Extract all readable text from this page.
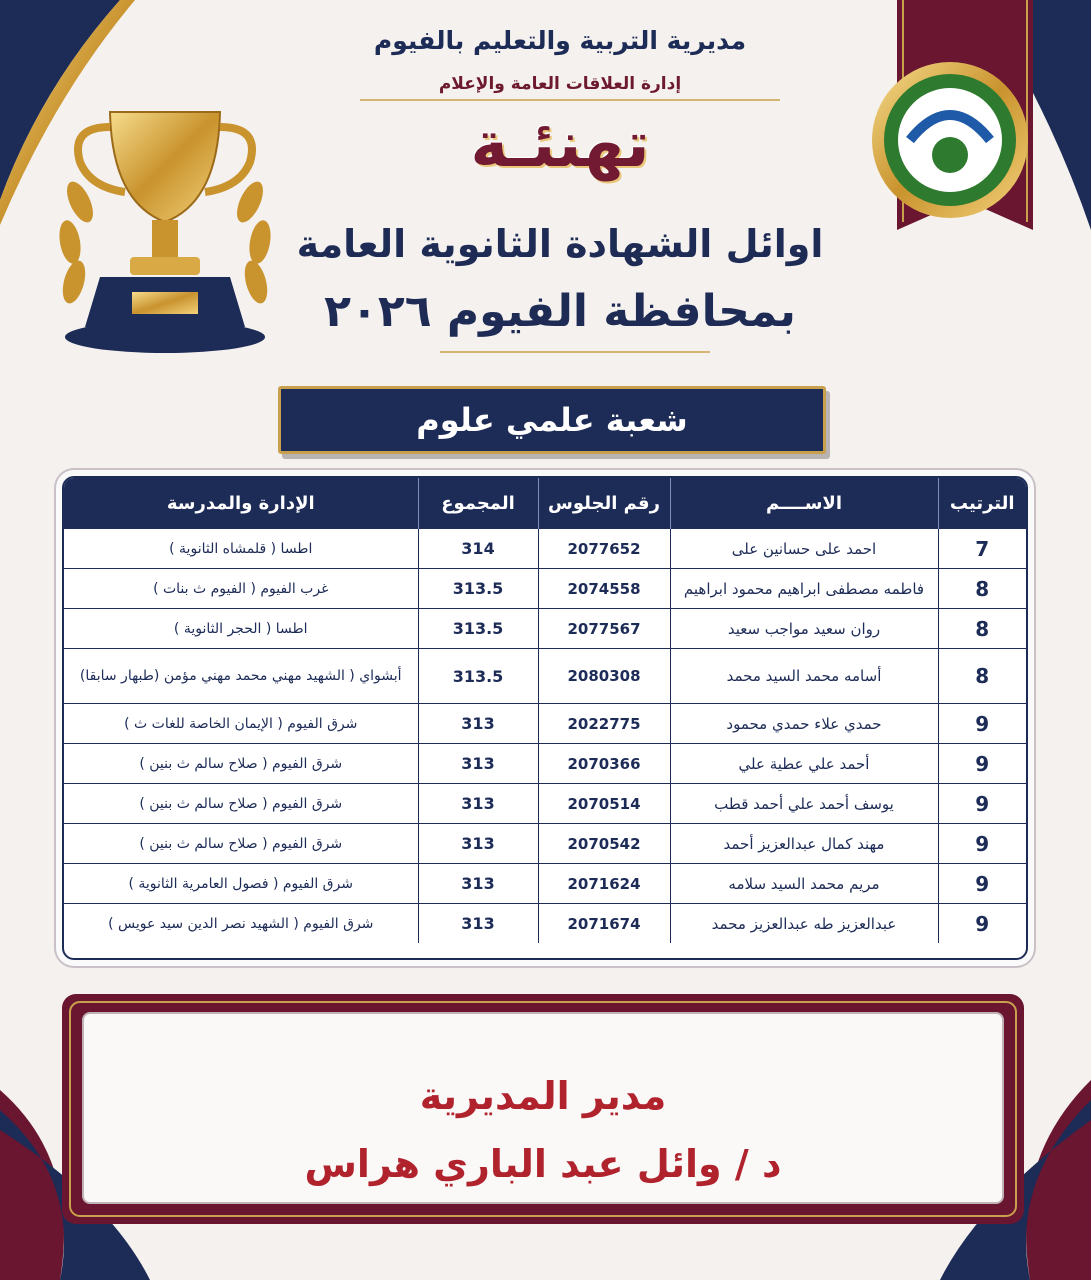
مديرية التربية والتعليم بالفيوم
إدارة العلاقات العامة والإعلام
تهنئـة
اوائل الشهادة الثانوية العامة
بمحافظة الفيوم ٢٠٢٦
شعبة علمي علوم
الترتيب	الاســــم	رقم الجلوس	المجموع	الإدارة والمدرسة
7	احمد على حسانين على	2077652	314	اطسا ( قلمشاه الثانوية )
8	فاطمه مصطفى ابراهيم محمود ابراهيم	2074558	313.5	غرب الفيوم ( الفيوم ث بنات )
8	روان سعيد مواجب سعيد	2077567	313.5	اطسا ( الحجر الثانوية )
8	أسامه محمد السيد محمد	2080308	313.5	أبشواي ( الشهيد مهني محمد مهني مؤمن (طبهار سابقا)
9	حمدي علاء حمدي محمود	2022775	313	شرق الفيوم ( الإيمان الخاصة للغات ث )
9	أحمد علي عطية علي	2070366	313	شرق الفيوم ( صلاح سالم ث بنين )
9	يوسف أحمد علي أحمد قطب	2070514	313	شرق الفيوم ( صلاح سالم ث بنين )
9	مهند كمال عبدالعزيز أحمد	2070542	313	شرق الفيوم ( صلاح سالم ث بنين )
9	مريم محمد السيد سلامه	2071624	313	شرق الفيوم ( فصول العامرية الثانوية )
9	عبدالعزيز طه عبدالعزيز محمد	2071674	313	شرق الفيوم ( الشهيد نصر الدين سيد عويس )
مدير المديرية
د / وائل عبد الباري هراس
